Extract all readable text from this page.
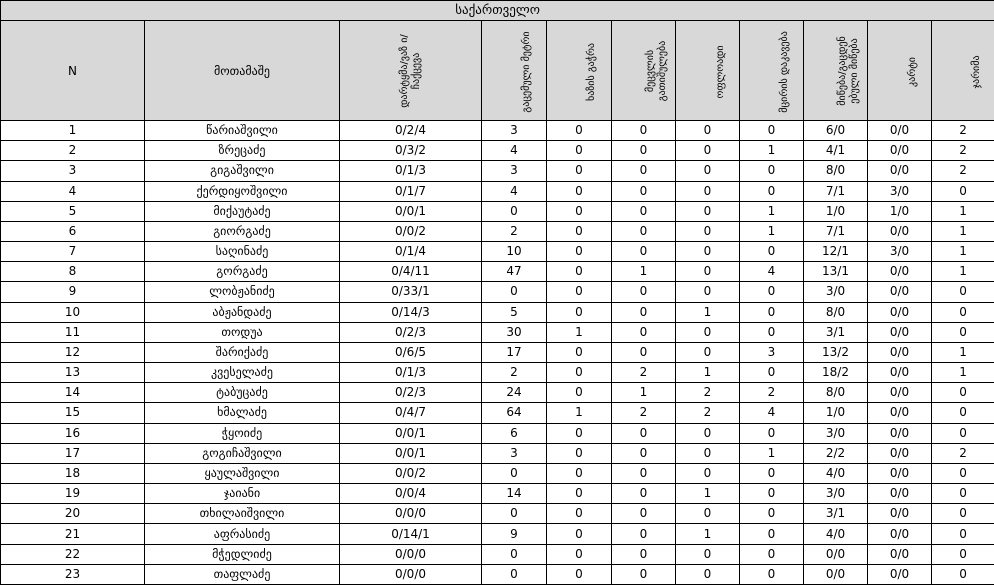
საქართველო										
N	მოთამაშე	დარტყმა/ვაზ ი/ჩაქცევა	გაცემული მეტრი	ხაზის გაჭრა	მეცვლის გათიშულება	ოფლოადი	მცირის დაკავება	მიწება/გაცდენ ებული მიწება	კარტი	ჯარიმა
1	წარიაშვილი	0/2/4	3	0	0	0	0	6/0	0/0	2
2	ზრეცაძე	0/3/2	4	0	0	0	1	4/1	0/0	2
3	გიგაშვილი	0/1/3	3	0	0	0	0	8/0	0/0	2
4	ქერდიყოშვილი	0/1/7	4	0	0	0	0	7/1	3/0	0
5	მიქაუტაძე	0/0/1	0	0	0	0	1	1/0	1/0	1
6	გიორგაძე	0/0/2	2	0	0	0	1	7/1	0/0	1
7	საღინაძე	0/1/4	10	0	0	0	0	12/1	3/0	1
8	გორგაძე	0/4/11	47	0	1	0	4	13/1	0/0	1
9	ლობჟანიძე	0/33/1	0	0	0	0	0	3/0	0/0	0
10	აბჟანდაძე	0/14/3	5	0	0	1	0	8/0	0/0	0
11	თოდუა	0/2/3	30	1	0	0	0	3/1	0/0	0
12	შარიქაძე	0/6/5	17	0	0	0	3	13/2	0/0	1
13	კვესელაძე	0/1/3	2	0	2	1	0	18/2	0/0	1
14	ტაბუცაძე	0/2/3	24	0	1	2	2	8/0	0/0	0
15	ხმალაძე	0/4/7	64	1	2	2	4	1/0	0/0	0
16	ჭყოიძე	0/0/1	6	0	0	0	0	3/0	0/0	0
17	გოგიჩაშვილი	0/0/1	3	0	0	0	1	2/2	0/0	2
18	ყაულაშვილი	0/0/2	0	0	0	0	0	4/0	0/0	0
19	ჯაიანი	0/0/4	14	0	0	1	0	3/0	0/0	0
20	თხილაიშვილი	0/0/0	0	0	0	0	0	3/1	0/0	0
21	აფრასიძე	0/14/1	9	0	0	1	0	4/0	0/0	0
22	მჭედლიძე	0/0/0	0	0	0	0	0	0/0	0/0	0
23	თაფლაძე	0/0/0	0	0	0	0	0	0/0	0/0	0
